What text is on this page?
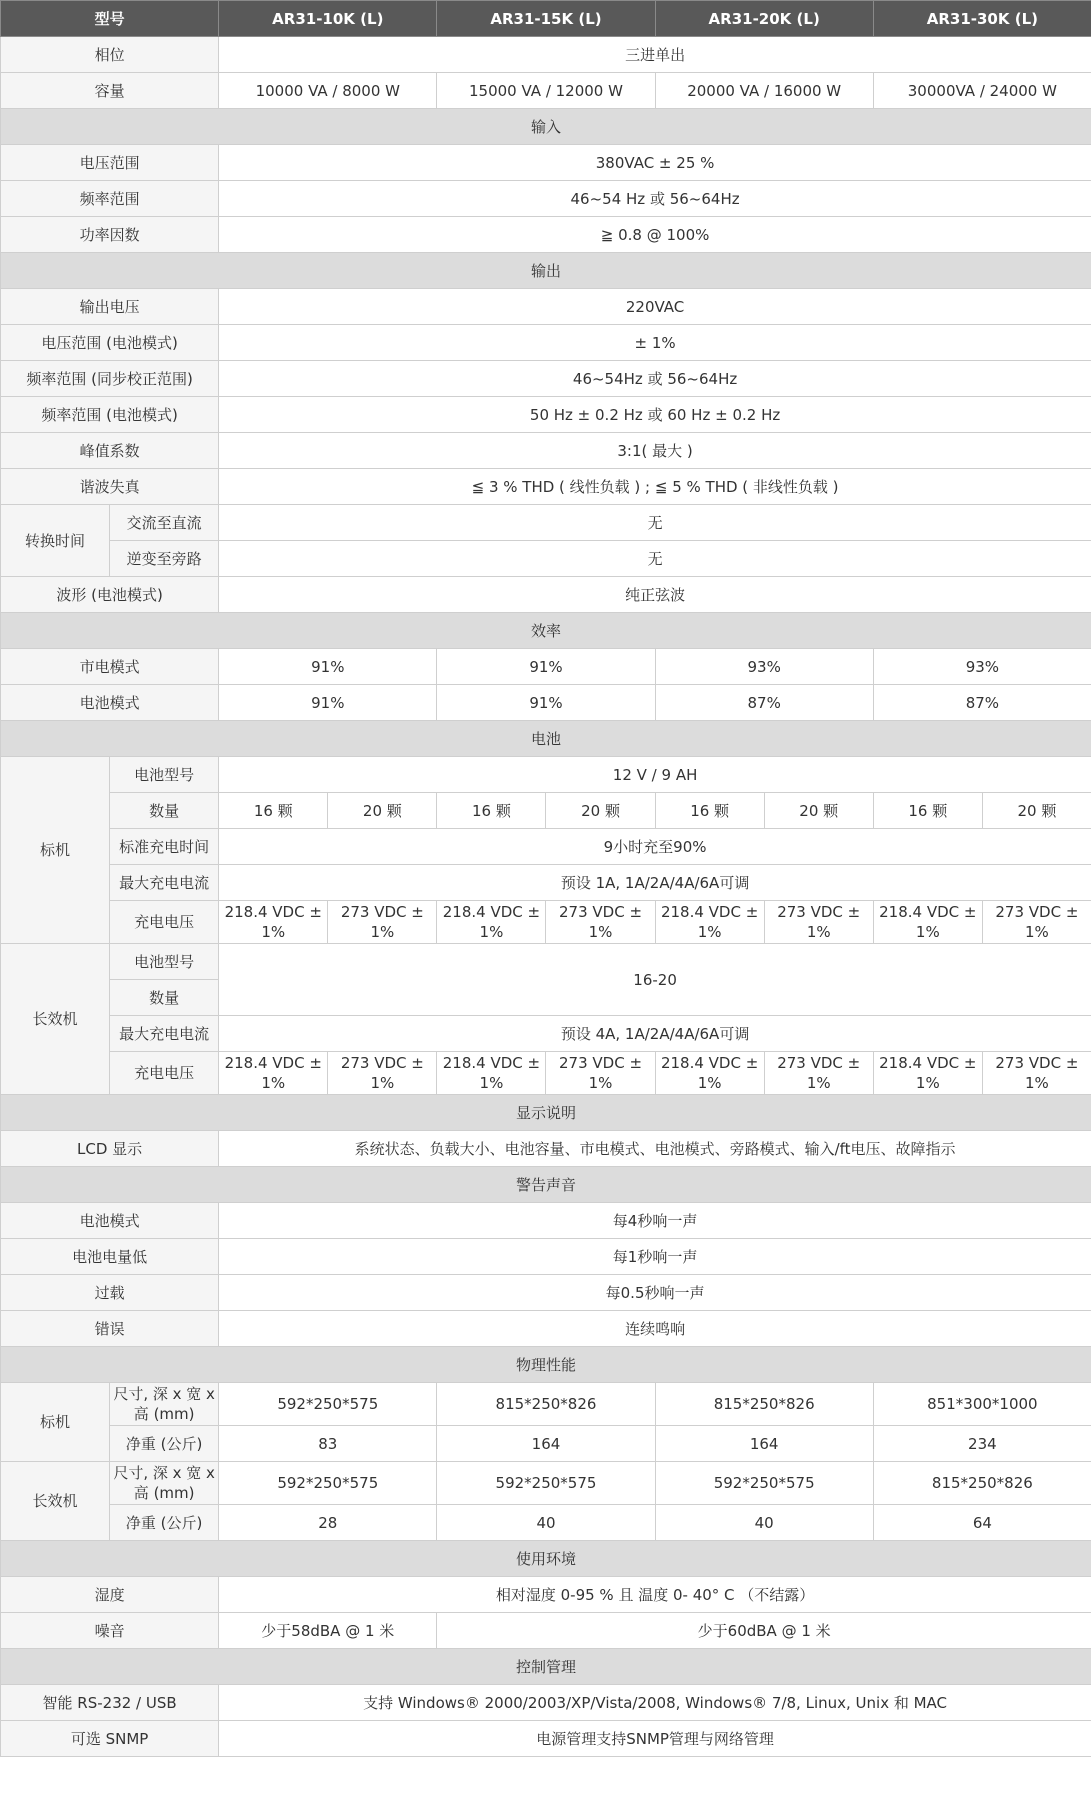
型号		AR31-10K (L)		AR31-15K (L)		AR31-20K (L)		AR31-30K (L)	
相位		三进单出							
容量		10000 VA / 8000 W		15000 VA / 12000 W		20000 VA / 16000 W		30000VA / 24000 W	
输入									
电压范围		380VAC ± 25 %							
频率范围		46~54 Hz 或 56~64Hz							
功率因数		≧ 0.8 @ 100%							
输出									
输出电压		220VAC							
电压范围 (电池模式)		± 1%							
频率范围 (同步校正范围)		46~54Hz 或 56~64Hz							
频率范围 (电池模式)		50 Hz ± 0.2 Hz 或 60 Hz ± 0.2 Hz							
峰值系数		3:1( 最大 )							
谐波失真		≦ 3 % THD ( 线性负载 ) ; ≦ 5 % THD ( 非线性负载 )							
转换时间	交流至直流	无							
	逆变至旁路	无							
波形 (电池模式)		纯正弦波							
效率									
市电模式		91%		91%		93%		93%	
电池模式		91%		91%		87%		87%	
电池									
标机	电池型号	12 V / 9 AH							
	数量	16 颗	20 颗	16 颗	20 颗	16 颗	20 颗	16 颗	20 颗
	标准充电时间	9小时充至90%							
	最大充电电流	预设 1A, 1A/2A/4A/6A可调							
	充电电压	218.4 VDC ± 1%	273 VDC ± 1%	218.4 VDC ± 1%	273 VDC ± 1%	218.4 VDC ± 1%	273 VDC ± 1%	218.4 VDC ± 1%	273 VDC ± 1%
长效机	电池型号	16-20							
	数量								
	最大充电电流	预设 4A, 1A/2A/4A/6A可调							
	充电电压	218.4 VDC ± 1%	273 VDC ± 1%	218.4 VDC ± 1%	273 VDC ± 1%	218.4 VDC ± 1%	273 VDC ± 1%	218.4 VDC ± 1%	273 VDC ± 1%
显示说明									
LCD 显示		系统状态、负载大小、电池容量、市电模式、电池模式、旁路模式、输入/ft电压、故障指示							
警告声音									
电池模式		每4秒响一声							
电池电量低		每1秒响一声							
过载		每0.5秒响一声							
错误		连续鸣响							
物理性能									
标机	尺寸, 深 x 宽 x 高 (mm)	592*250*575		815*250*826		815*250*826		851*300*1000	
	净重 (公斤)	83		164		164		234	
长效机	尺寸, 深 x 宽 x 高 (mm)	592*250*575		592*250*575		592*250*575		815*250*826	
	净重 (公斤)	28		40		40		64	
使用环境									
湿度		相对湿度 0-95 % 且 温度 0- 40° C （不结露）							
噪音		少于58dBA @ 1 米		少于60dBA @ 1 米					
控制管理									
智能 RS-232 / USB		支持 Windows® 2000/2003/XP/Vista/2008, Windows® 7/8, Linux, Unix 和 MAC							
可选 SNMP		电源管理支持SNMP管理与网络管理							
